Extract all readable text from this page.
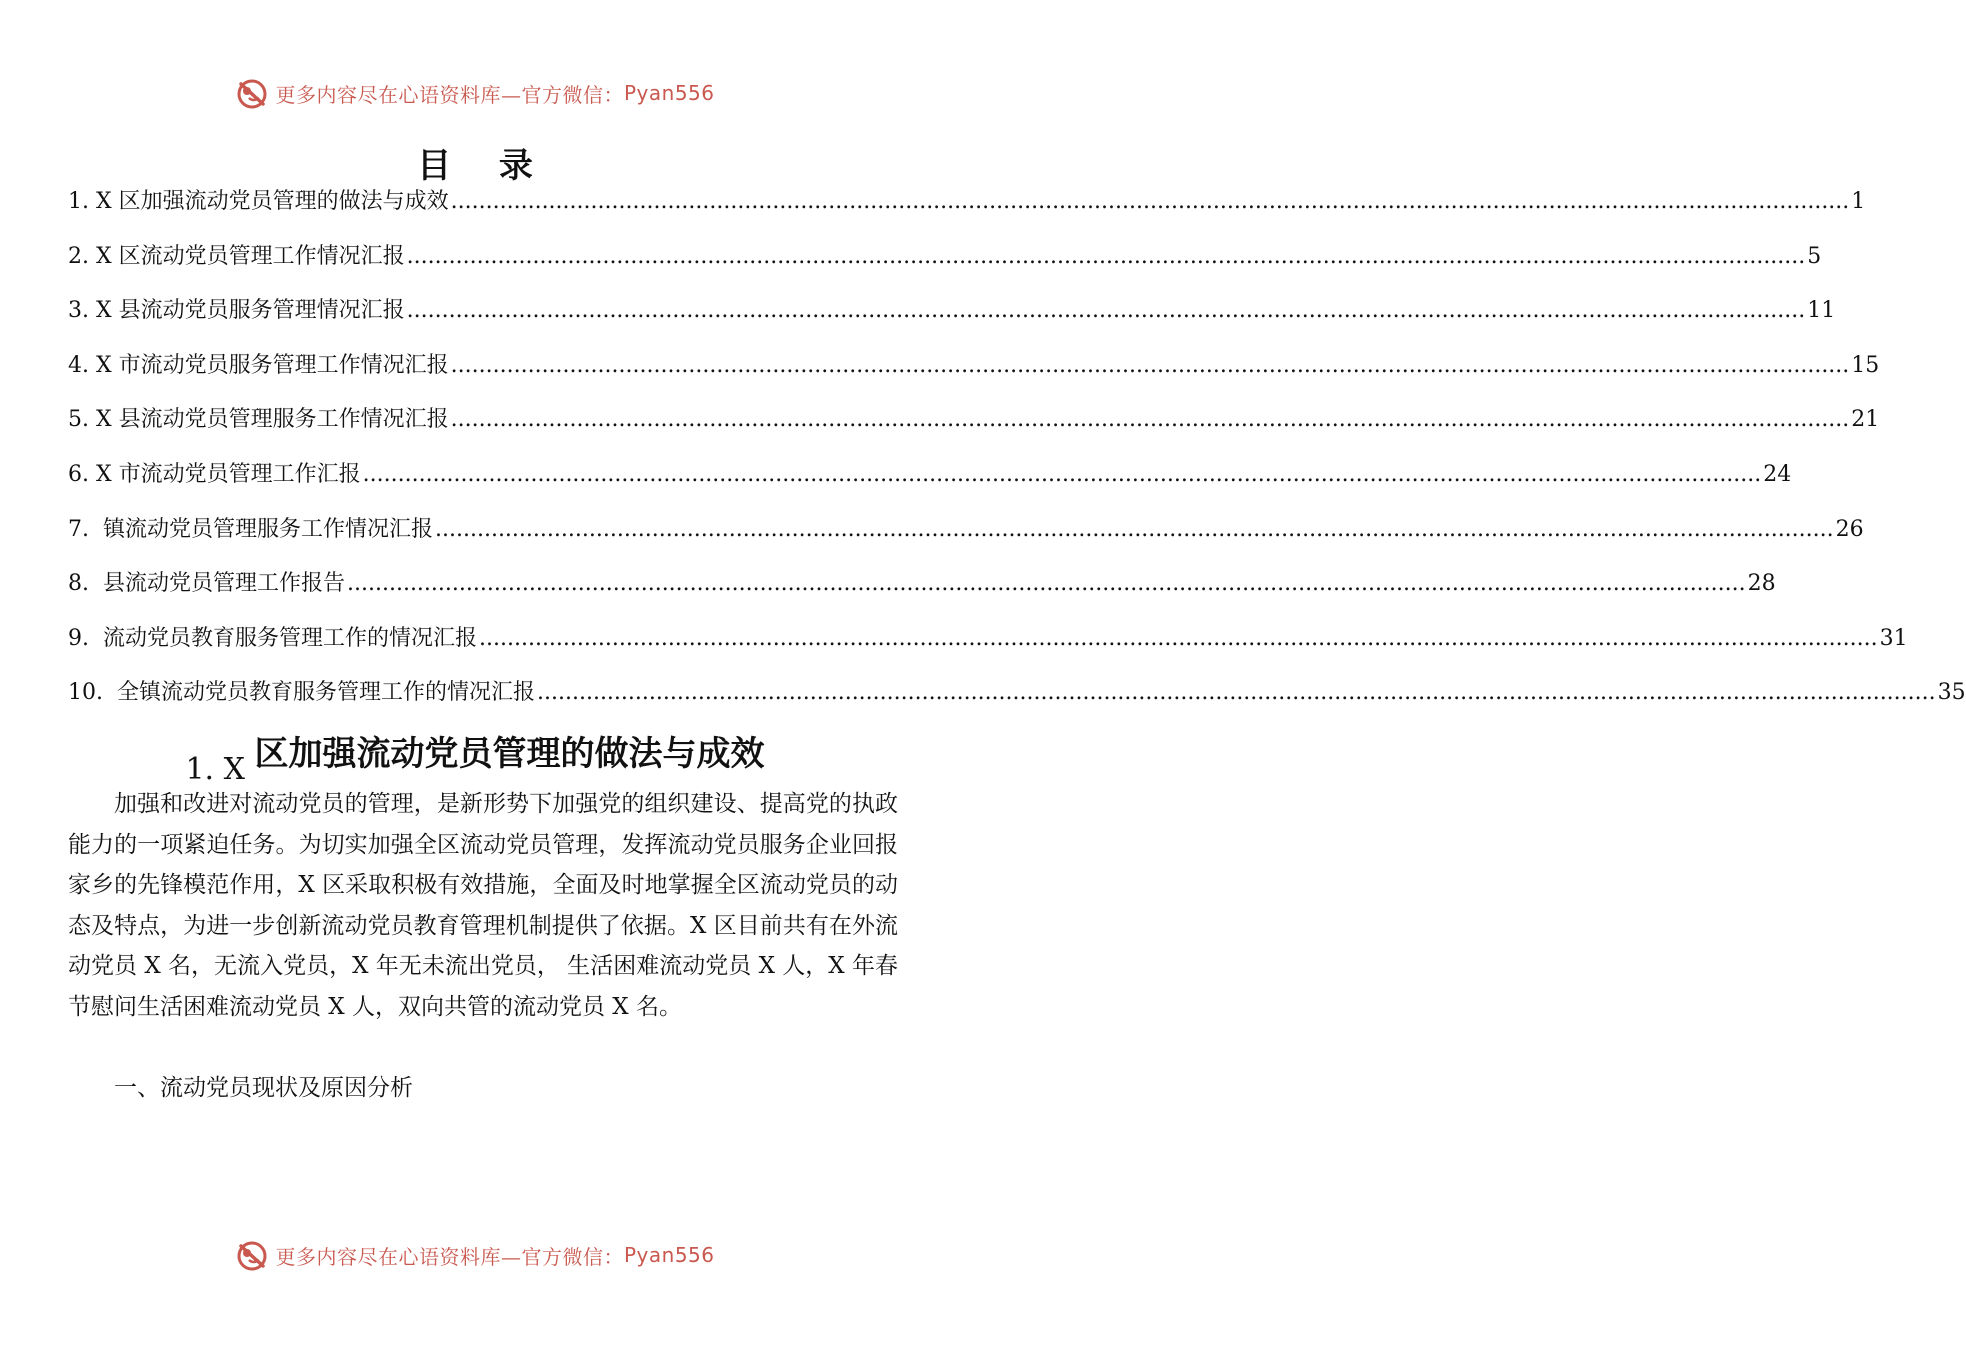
更多内容尽在心语资料库—官方微信： Pyan556
目 录
1. X 区加强流动党员管理的做法与成效 ........................................................................................................................................................................................................ 1
2. X 区流动党员管理工作情况汇报 ........................................................................................................................................................................................................ 5
3. X 县流动党员服务管理情况汇报 ........................................................................................................................................................................................................ 11
4. X 市流动党员服务管理工作情况汇报 ........................................................................................................................................................................................................ 15
5. X 县流动党员管理服务工作情况汇报 ........................................................................................................................................................................................................ 21
6. X 市流动党员管理工作汇报 ........................................................................................................................................................................................................ 24
7. 镇流动党员管理服务工作情况汇报 ........................................................................................................................................................................................................ 26
8. 县流动党员管理工作报告 ........................................................................................................................................................................................................ 28
9. 流动党员教育服务管理工作的情况汇报 ........................................................................................................................................................................................................ 31
10. 全镇流动党员教育服务管理工作的情况汇报 ........................................................................................................................................................................................................ 35
1. X 区加强流动党员管理的做法与成效

加强和改进对流动党员的管理，是新形势下加强党的组织建设、提高党的执政能力的一项紧迫任务。为切实加强全区流动党员管理，发挥流动党员服务企业回报家乡的先锋模范作用，X 区采取积极有效措施，全面及时地掌握全区流动党员的动态及特点，为进一步创新流动党员教育管理机制提供了依据。X 区目前共有在外流动党员 X 名，无流入党员，X 年无未流出党员， 生活困难流动党员 X 人，X 年春节慰问生活困难流动党员 X 人，双向共管的流动党员 X 名。

一、流动党员现状及原因分析
更多内容尽在心语资料库—官方微信： Pyan556
